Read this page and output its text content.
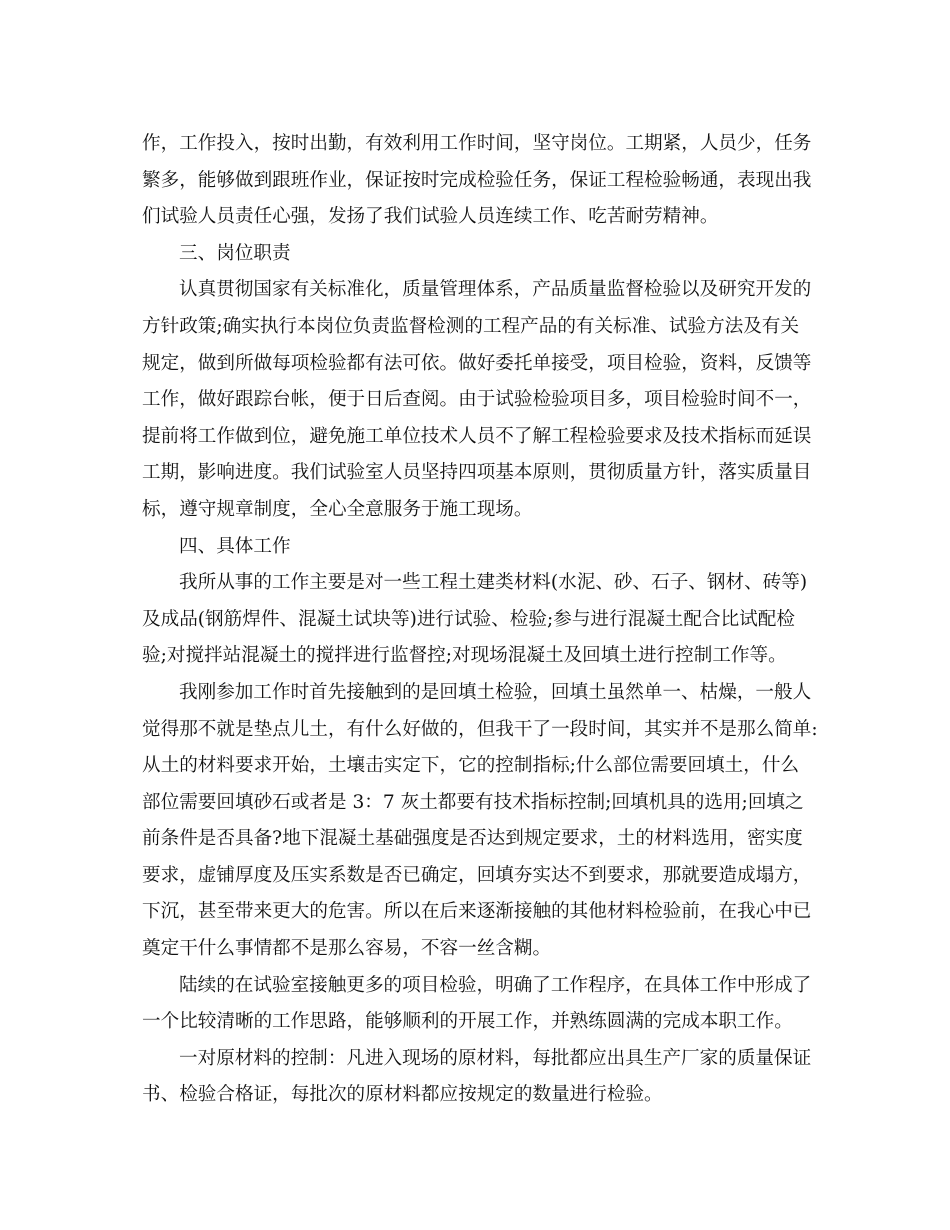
作，工作投入，按时出勤，有效利用工作时间，坚守岗位。工期紧，人员少，任务
繁多，能够做到跟班作业，保证按时完成检验任务，保证工程检验畅通，表现出我
们试验人员责任心强，发扬了我们试验人员连续工作、吃苦耐劳精神。
三、岗位职责
认真贯彻国家有关标准化，质量管理体系，产品质量监督检验以及研究开发的
方针政策;确实执行本岗位负责监督检测的工程产品的有关标准、试验方法及有关
规定，做到所做每项检验都有法可依。做好委托单接受，项目检验，资料，反馈等
工作，做好跟踪台帐，便于日后查阅。由于试验检验项目多，项目检验时间不一，
提前将工作做到位，避免施工单位技术人员不了解工程检验要求及技术指标而延误
工期，影响进度。我们试验室人员坚持四项基本原则，贯彻质量方针，落实质量目
标，遵守规章制度，全心全意服务于施工现场。
四、具体工作
我所从事的工作主要是对一些工程土建类材料(水泥、砂、石子、钢材、砖等)
及成品(钢筋焊件、混凝土试块等)进行试验、检验;参与进行混凝土配合比试配检
验;对搅拌站混凝土的搅拌进行监督控;对现场混凝土及回填土进行控制工作等。
我刚参加工作时首先接触到的是回填土检验，回填土虽然单一、枯燥，一般人
觉得那不就是垫点儿土，有什么好做的，但我干了一段时间，其实并不是那么简单:
从土的材料要求开始，土壤击实定下，它的控制指标;什么部位需要回填土，什么
部位需要回填砂石或者是 3：7 灰土都要有技术指标控制;回填机具的选用;回填之
前条件是否具备?地下混凝土基础强度是否达到规定要求，土的材料选用，密实度
要求，虚铺厚度及压实系数是否已确定，回填夯实达不到要求，那就要造成塌方，
下沉，甚至带来更大的危害。所以在后来逐渐接触的其他材料检验前，在我心中已
奠定干什么事情都不是那么容易，不容一丝含糊。
陆续的在试验室接触更多的项目检验，明确了工作程序，在具体工作中形成了
一个比较清晰的工作思路，能够顺利的开展工作，并熟练圆满的完成本职工作。
一对原材料的控制：凡进入现场的原材料，每批都应出具生产厂家的质量保证
书、检验合格证，每批次的原材料都应按规定的数量进行检验。
